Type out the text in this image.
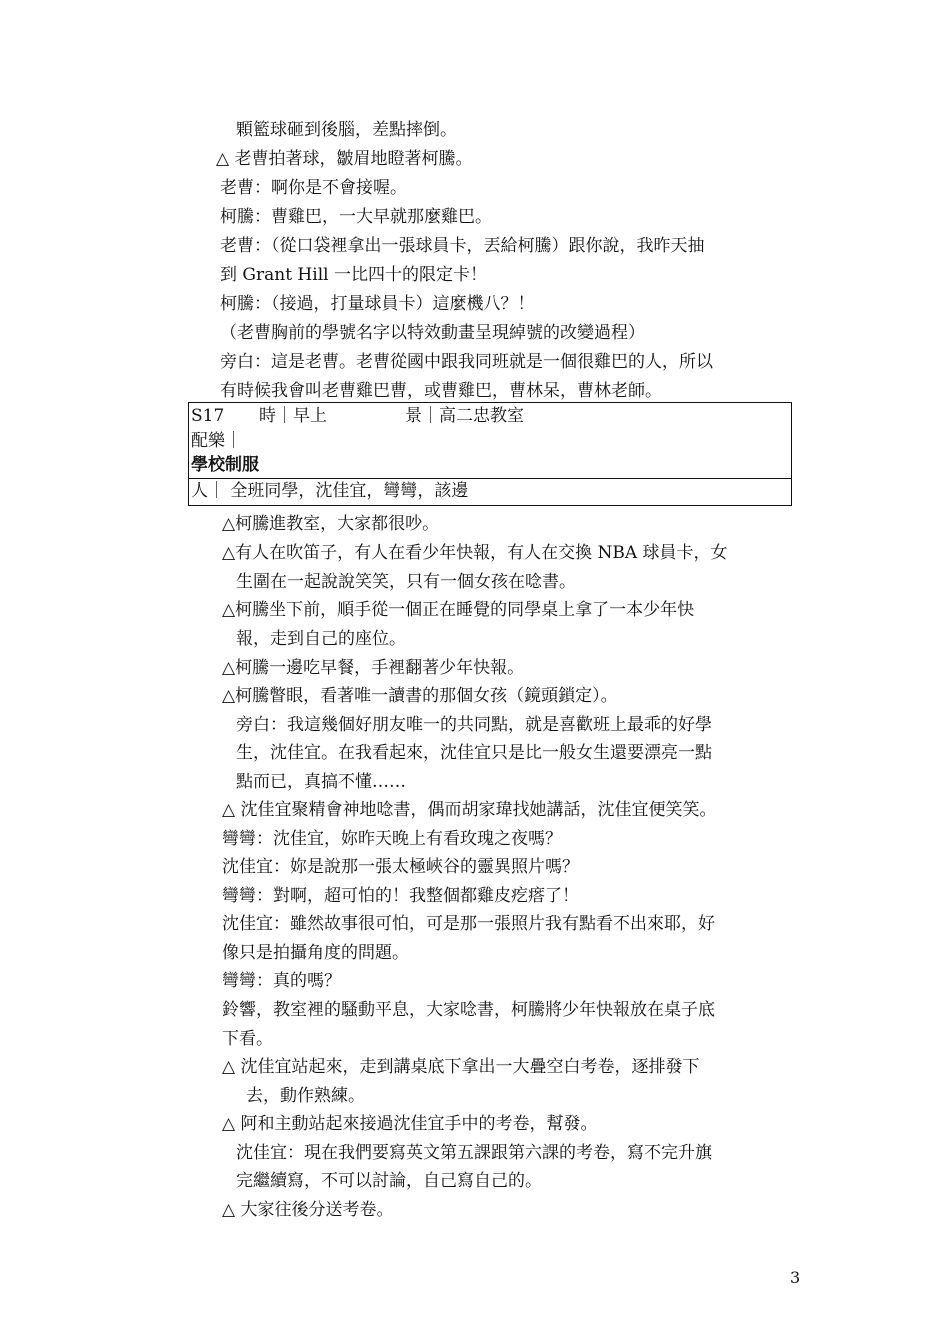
顆籃球砸到後腦，差點摔倒。
△ 老曹拍著球，皺眉地瞪著柯騰。
老曹：啊你是不會接喔。
柯騰：曹雞巴，一大早就那麼雞巴。
老曹：（從口袋裡拿出一張球員卡，丟給柯騰）跟你說，我昨天抽
到 Grant Hill 一比四十的限定卡！
柯騰：（接過，打量球員卡）這麼機八？！
（老曹胸前的學號名字以特效動畫呈現綽號的改變過程）
旁白：這是老曹。老曹從國中跟我同班就是一個很雞巴的人，所以
有時候我會叫老曹雞巴曹，或曹雞巴，曹林呆，曹林老師。
S17 時｜早上	景｜高二忠教室
配樂｜
學校制服
人｜ 全班同學，沈佳宜，彎彎，該邊
△柯騰進教室，大家都很吵。
△有人在吹笛子，有人在看少年快報，有人在交換 NBA 球員卡，女
生圍在一起說說笑笑，只有一個女孩在唸書。
△柯騰坐下前，順手從一個正在睡覺的同學桌上拿了一本少年快
報，走到自己的座位。
△柯騰一邊吃早餐，手裡翻著少年快報。
△柯騰瞥眼，看著唯一讀書的那個女孩（鏡頭鎖定）。
旁白：我這幾個好朋友唯一的共同點，就是喜歡班上最乖的好學
生，沈佳宜。在我看起來，沈佳宜只是比一般女生還要漂亮一點
點而已，真搞不懂……
△ 沈佳宜聚精會神地唸書，偶而胡家瑋找她講話，沈佳宜便笑笑。
彎彎：沈佳宜，妳昨天晚上有看玫瑰之夜嗎？
沈佳宜：妳是說那一張太極峽谷的靈異照片嗎？
彎彎：對啊，超可怕的！我整個都雞皮疙瘩了！
沈佳宜：雖然故事很可怕，可是那一張照片我有點看不出來耶，好
像只是拍攝角度的問題。
彎彎：真的嗎？
鈴響，教室裡的騷動平息，大家唸書，柯騰將少年快報放在桌子底
下看。
△ 沈佳宜站起來，走到講桌底下拿出一大疊空白考卷，逐排發下
去，動作熟練。
△ 阿和主動站起來接過沈佳宜手中的考卷，幫發。
沈佳宜：現在我們要寫英文第五課跟第六課的考卷，寫不完升旗
完繼續寫，不可以討論，自己寫自己的。
△ 大家往後分送考卷。
3
